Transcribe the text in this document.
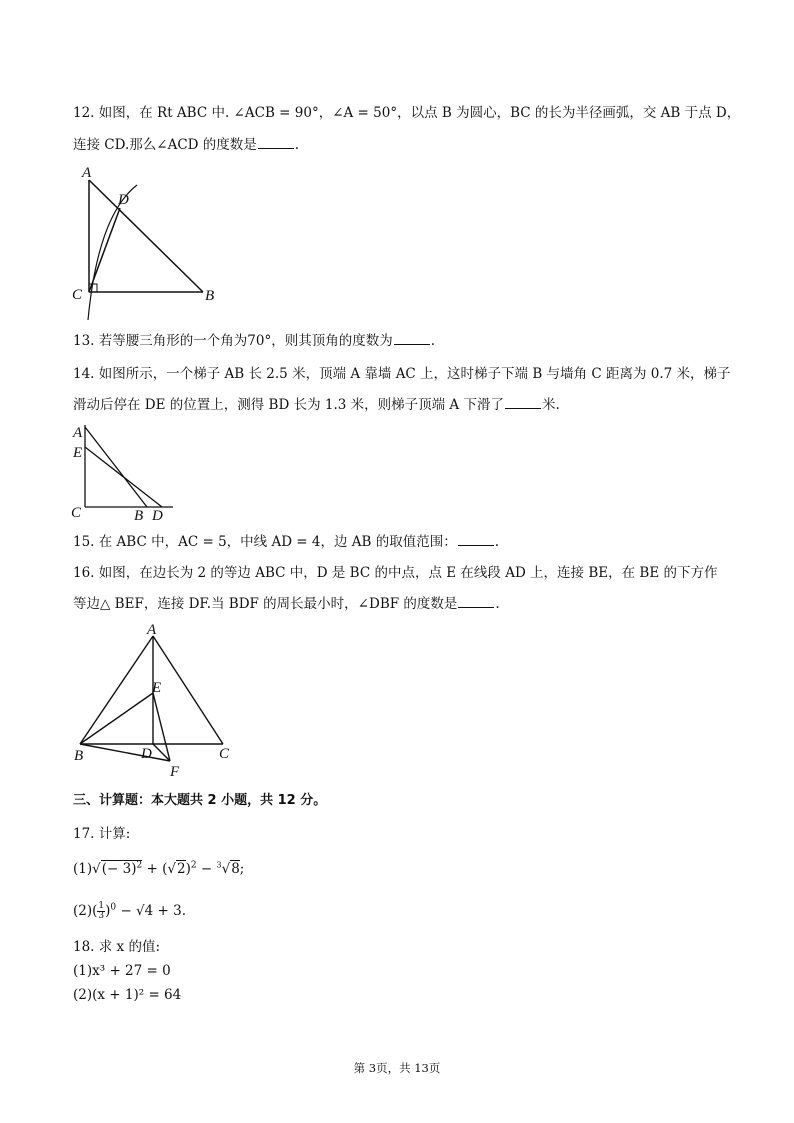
12. 如图，在 Rt ABC 中. ∠ACB = 90°，∠A = 50°，以点 B 为圆心，BC 的长为半径画弧，交 AB 于点 D，
连接 CD.那么∠ACD 的度数是	.
A
D
C	B
13. 若等腰三角形的一个角为70°，则其顶角的度数为	.
14. 如图所示，一个梯子 AB 长 2.5 米，顶端 A 靠墙 AC 上，这时梯子下端 B 与墙角 C 距离为 0.7 米，梯子
滑动后停在 DE 的位置上，测得 BD 长为 1.3 米，则梯子顶端 A 下滑了	米.
A
E
C	B D
15. 在 ABC 中，AC = 5，中线 AD = 4，边 AB 的取值范围：	.
16. 如图，在边长为 2 的等边 ABC 中，D 是 BC 的中点，点 E 在线段 AD 上，连接 BE，在 BE 的下方作
等边△ BEF，连接 DF.当 BDF 的周长最小时，∠DBF 的度数是	.
A
E
B	D	C
F
三、计算题：本大题共 2 小题，共 12 分。
17. 计算:
$(1)√(- 3)^2 + (√2)^2 - ^3√8$;
$(2)( \frac{1}{3} )^0 - √4 + 3$.
18. 求 x 的值:
(1)x³ + 27 = 0
(2)(x + 1)² = 64
第 3页，共 13页
